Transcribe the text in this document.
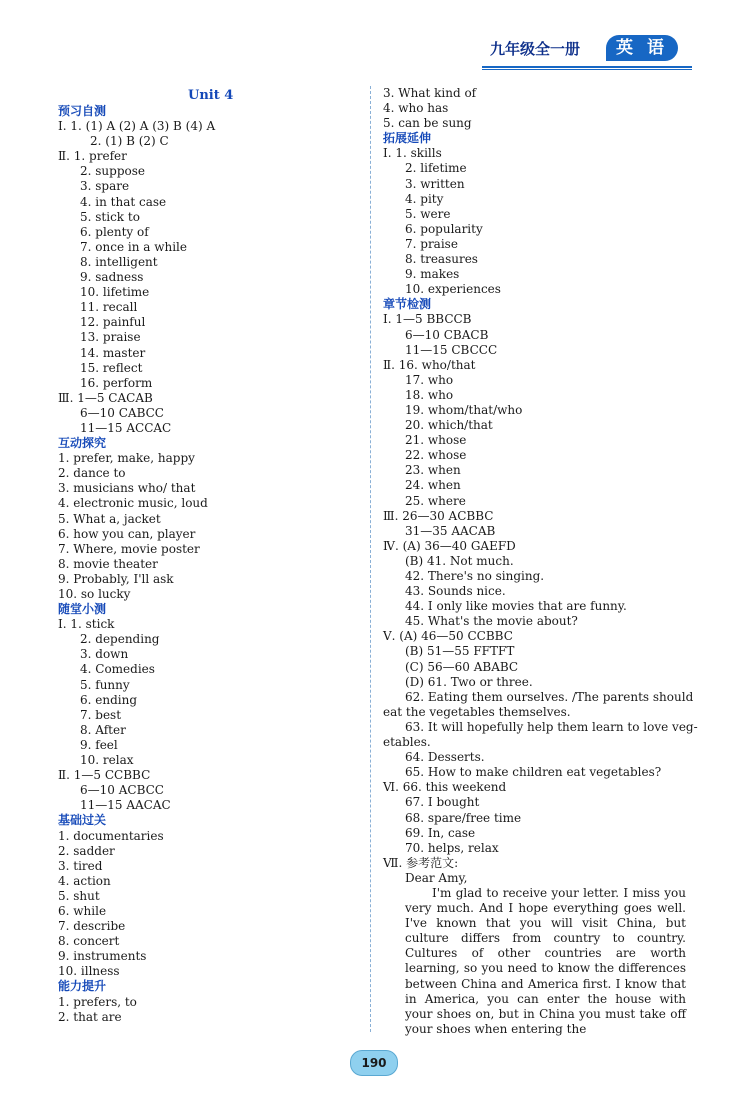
九年级全一册	英 语
Unit 4
预习自测
Ⅰ. 1. (1) A (2) A (3) B (4) A
2. (1) B (2) C
Ⅱ. 1. prefer
2. suppose
3. spare
4. in that case
5. stick to
6. plenty of
7. once in a while
8. intelligent
9. sadness
10. lifetime
11. recall
12. painful
13. praise
14. master
15. reflect
16. perform
Ⅲ. 1—5 CACAB
6—10 CABCC
11—15 ACCAC
互动探究
1. prefer, make, happy
2. dance to
3. musicians who/ that
4. electronic music, loud
5. What a, jacket
6. how you can, player
7. Where, movie poster
8. movie theater
9. Probably, I'll ask
10. so lucky
随堂小测
Ⅰ. 1. stick
2. depending
3. down
4. Comedies
5. funny
6. ending
7. best
8. After
9. feel
10. relax
Ⅱ. 1—5 CCBBC
6—10 ACBCC
11—15 AACAC
基础过关
1. documentaries
2. sadder
3. tired
4. action
5. shut
6. while
7. describe
8. concert
9. instruments
10. illness
能力提升
1. prefers, to
2. that are
3. What kind of
4. who has
5. can be sung
拓展延伸
Ⅰ. 1. skills
2. lifetime
3. written
4. pity
5. were
6. popularity
7. praise
8. treasures
9. makes
10. experiences
章节检测
Ⅰ. 1—5 BBCCB
6—10 CBACB
11—15 CBCCC
Ⅱ. 16. who/that
17. who
18. who
19. whom/that/who
20. which/that
21. whose
22. whose
23. when
24. when
25. where
Ⅲ. 26—30 ACBBC
31—35 AACAB
Ⅳ. (A) 36—40 GAEFD
(B) 41. Not much.
42. There's no singing.
43. Sounds nice.
44. I only like movies that are funny.
45. What's the movie about?
Ⅴ. (A) 46—50 CCBBC
(B) 51—55 FFTFT
(C) 56—60 ABABC
(D) 61. Two or three.
62. Eating them ourselves. /The parents should
eat the vegetables themselves.
63. It will hopefully help them learn to love veg-
etables.
64. Desserts.
65. How to make children eat vegetables?
Ⅵ. 66. this weekend
67. I bought
68. spare/free time
69. In, case
70. helps, relax
Ⅶ. 参考范文:
Dear Amy,
I'm glad to receive your letter. I miss you very much. And I hope everything goes well. I've known that you will visit China, but culture differs from country to country. Cultures of other countries are worth learning, so you need to know the differences between China and America first. I know that in America, you can enter the house with your shoes on, but in China you must take off your shoes when entering the
190
